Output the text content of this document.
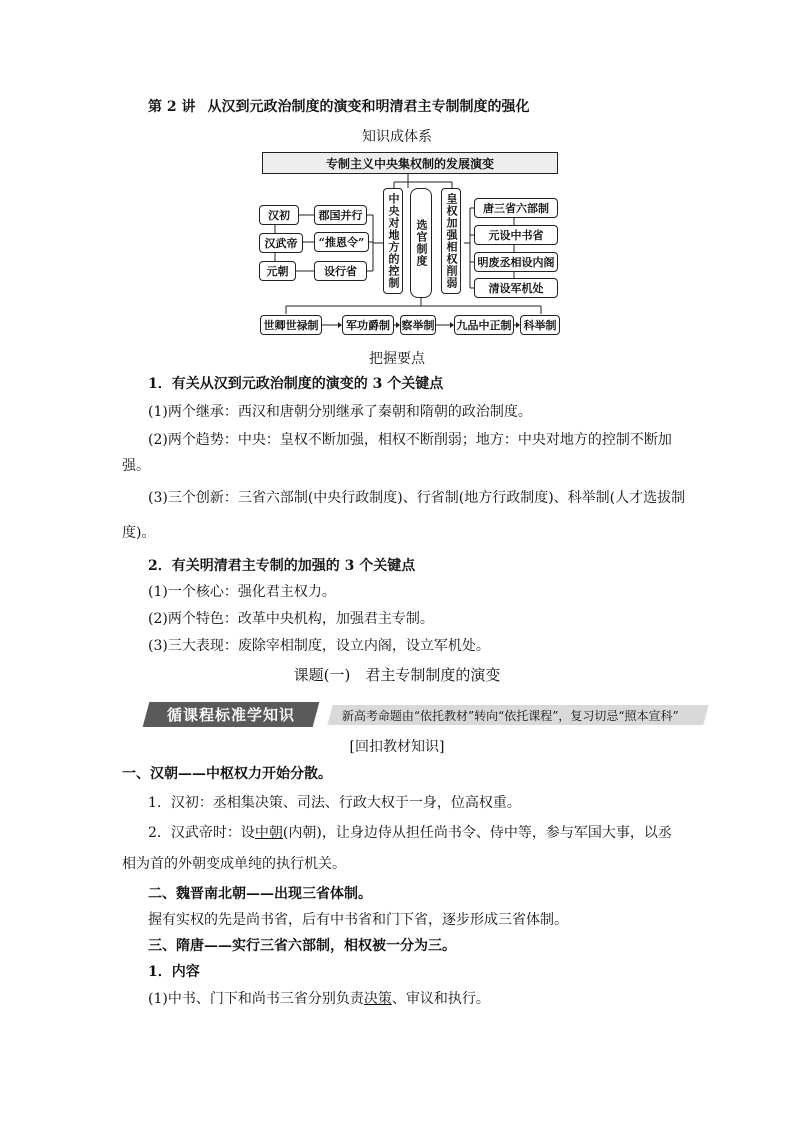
第 2 讲 从汉到元政治制度的演变和明清君主专制制度的强化
知识成体系
专制主义中央集权制的发展演变
汉初
汉武帝
元朝
郡国并行
“推恩令”
设行省	中央对地方的控制	选官制度	皇权加强相权削弱	唐三省六部制
元设中书省
明废丞相设内阁
清设军机处
世卿世禄制	军功爵制	察举制 九品中正制	科举制
把握要点
1．有关从汉到元政治制度的演变的 3 个关键点
(1)两个继承：西汉和唐朝分别继承了秦朝和隋朝的政治制度。
(2)两个趋势：中央：皇权不断加强，相权不断削弱；地方：中央对地方的控制不断加
强。
(3)三个创新：三省六部制(中央行政制度)、行省制(地方行政制度)、科举制(人才选拔制
度)。
2．有关明清君主专制的加强的 3 个关键点
(1)一个核心：强化君主权力。
(2)两个特色：改革中央机构，加强君主专制。
(3)三大表现：废除宰相制度，设立内阁，设立军机处。
课题(一)　君主专制制度的演变
循课程标准学知识	新高考命题由“依托教材”转向“依托课程”，复习切忌“照本宣科”
[回扣教材知识]
一、汉朝——中枢权力开始分散。
1．汉初：丞相集决策、司法、行政大权于一身，位高权重。
2．汉武帝时：设中朝(内朝)，让身边侍从担任尚书令、侍中等，参与军国大事，以丞
相为首的外朝变成单纯的执行机关。
二、魏晋南北朝——出现三省体制。
握有实权的先是尚书省，后有中书省和门下省，逐步形成三省体制。
三、隋唐——实行三省六部制，相权被一分为三。
1．内容
(1)中书、门下和尚书三省分别负责决策、审议和执行。
